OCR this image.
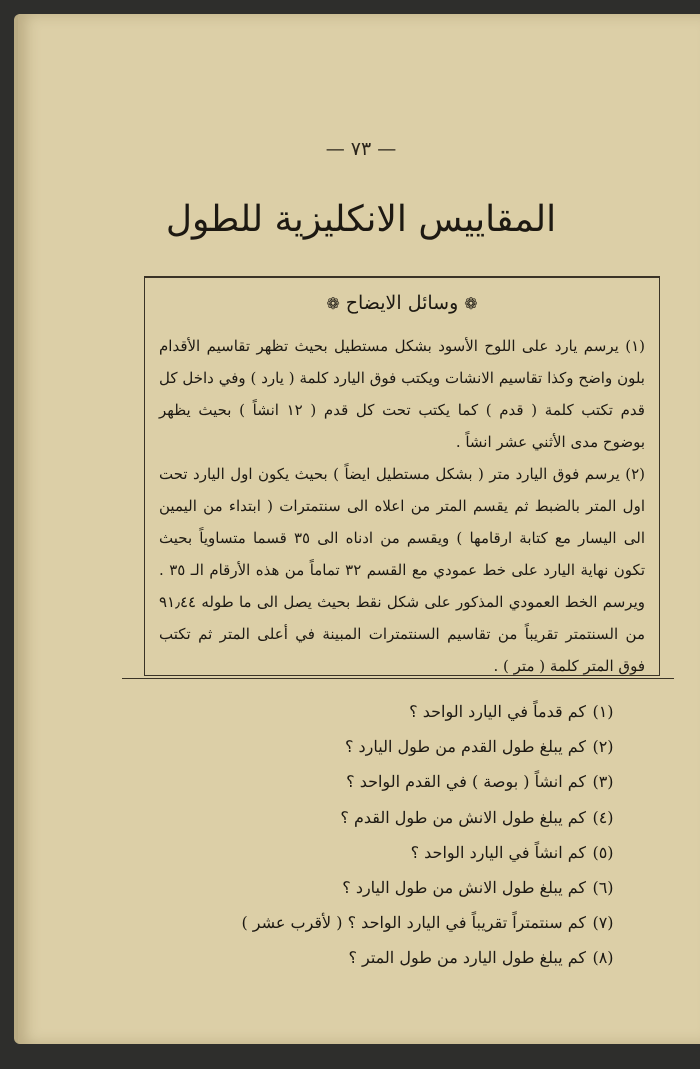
— ٧٣ —
المقاييس الانكليزية للطول
❁وسائل الايضاح❁

(١) يرسم يارد على اللوح الأسود بشكل مستطيل بحيث تظهر تقاسيم الأقدام بلون واضح وكذا تقاسيم الانشات ويكتب فوق اليارد كلمة ( يارد ) وفي داخل كل قدم تكتب كلمة ( قدم ) كما يكتب تحت كل قدم ( ١٢ انشاً ) بحيث يظهر بوضوح مدى الأثني عشر انشاً .

(٢) يرسم فوق اليارد متر ( بشكل مستطيل ايضاً ) بحيث يكون اول اليارد تحت اول المتر بالضبط ثم يقسم المتر من اعلاه الى سنتمترات ( ابتداء من اليمين الى اليسار مع كتابة ارقامها ) ويقسم من ادناه الى ٣٥ قسما متساوياً بحيث تكون نهاية اليارد على خط عمودي مع القسم ٣٢ تماماً من هذه الأرقام الـ ٣٥ . ويرسم الخط العمودي المذكور على شكل نقط بحيث يصل الى ما طوله ٩١٫٤٤ من السنتمتر تقريباً من تقاسيم السنتمترات المبينة في أعلى المتر ثم تكتب فوق المتر كلمة ( متر ) .

(١)
كم قدماً في اليارد الواحد ؟
(٢)
كم يبلغ طول القدم من طول اليارد ؟
(٣)
كم انشاً ( بوصة ) في القدم الواحد ؟
(٤)
كم يبلغ طول الانش من طول القدم ؟
(٥)
كم انشاً في اليارد الواحد ؟
(٦)
كم يبلغ طول الانش من طول اليارد ؟
(٧)
كم سنتمتراً تقريباً في اليارد الواحد ؟ ( لأقرب عشر )
(٨)
كم يبلغ طول اليارد من طول المتر ؟
